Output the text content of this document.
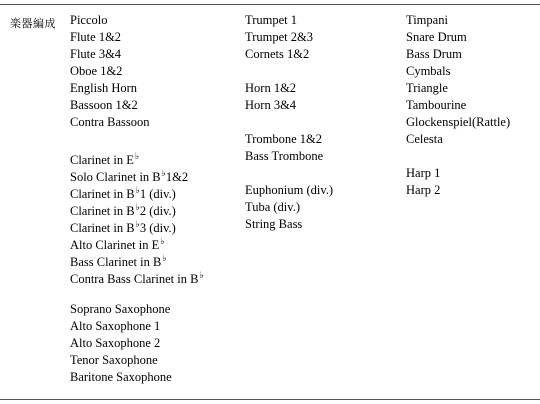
楽器編成 Piccolo
Flute 1&2
Flute 3&4
Oboe 1&2
English Horn
Bassoon 1&2
Contra Bassoon
Clarinet in E♭
Solo Clarinet in B♭1&2
Clarinet in B♭1 (div.)
Clarinet in B♭2 (div.)
Clarinet in B♭3 (div.)
Alto Clarinet in E♭
Bass Clarinet in B♭
Contra Bass Clarinet in B♭
Soprano Saxophone
Alto Saxophone 1
Alto Saxophone 2
Tenor Saxophone
Baritone Saxophone
Trumpet 1
Trumpet 2&3
Cornets 1&2
Horn 1&2
Horn 3&4
Trombone 1&2
Bass Trombone
Euphonium (div.)
Tuba (div.)
String Bass
Timpani
Snare Drum
Bass Drum
Cymbals
Triangle
Tambourine
Glockenspiel(Rattle)
Celesta
Harp 1
Harp 2
